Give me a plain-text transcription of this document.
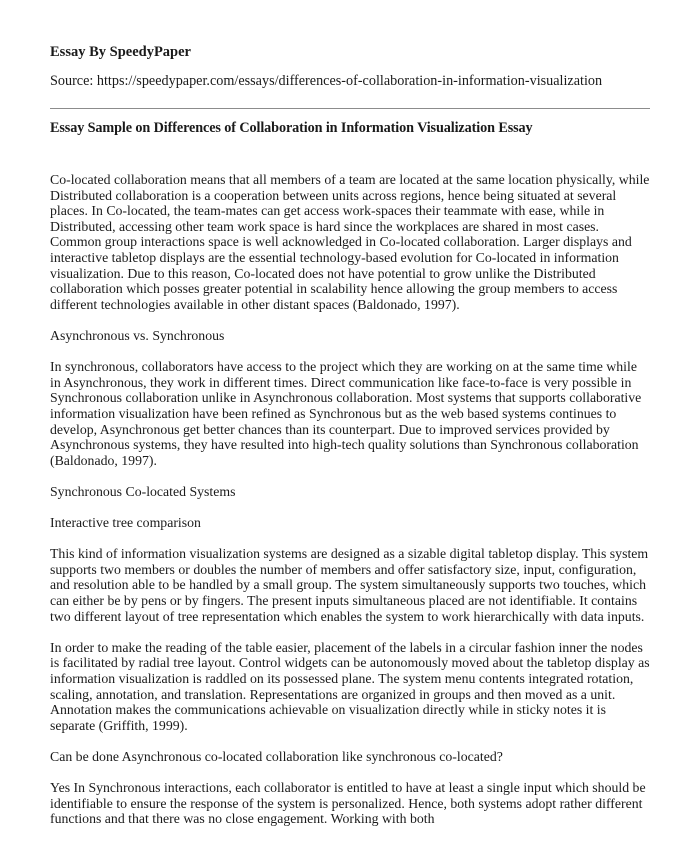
Essay By SpeedyPaper
Source: https://speedypaper.com/essays/differences-of-collaboration-in-information-visualization
Essay Sample on Differences of Collaboration in Information Visualization Essay

Co-located collaboration means that all members of a team are located at the same location physically, while Distributed collaboration is a cooperation between units across regions, hence being situated at several places. In Co-located, the team-mates can get access work-spaces their teammate with ease, while in Distributed, accessing other team work space is hard since the workplaces are shared in most cases. Common group interactions space is well acknowledged in Co-located collaboration. Larger displays and interactive tabletop displays are the essential technology-based evolution for Co-located in information visualization. Due to this reason, Co-located does not have potential to grow unlike the Distributed collaboration which posses greater potential in scalability hence allowing the group members to access different technologies available in other distant spaces (Baldonado, 1997).

Asynchronous vs. Synchronous

In synchronous, collaborators have access to the project which they are working on at the same time while in Asynchronous, they work in different times. Direct communication like face-to-face is very possible in Synchronous collaboration unlike in Asynchronous collaboration. Most systems that supports collaborative information visualization have been refined as Synchronous but as the web based systems continues to develop, Asynchronous get better chances than its counterpart. Due to improved services provided by Asynchronous systems, they have resulted into high-tech quality solutions than Synchronous collaboration (Baldonado, 1997).

Synchronous Co-located Systems

Interactive tree comparison

This kind of information visualization systems are designed as a sizable digital tabletop display. This system supports two members or doubles the number of members and offer satisfactory size, input, configuration, and resolution able to be handled by a small group. The system simultaneously supports two touches, which can either be by pens or by fingers. The present inputs simultaneous placed are not identifiable. It contains two different layout of tree representation which enables the system to work hierarchically with data inputs.

In order to make the reading of the table easier, placement of the labels in a circular fashion inner the nodes is facilitated by radial tree layout. Control widgets can be autonomously moved about the tabletop display as information visualization is raddled on its possessed plane. The system menu contents integrated rotation, scaling, annotation, and translation. Representations are organized in groups and then moved as a unit. Annotation makes the communications achievable on visualization directly while in sticky notes it is separate (Griffith, 1999).

Can be done Asynchronous co-located collaboration like synchronous co-located?

Yes In Synchronous interactions, each collaborator is entitled to have at least a single input which should be identifiable to ensure the response of the system is personalized. Hence, both systems adopt rather different functions and that there was no close engagement. Working with both
